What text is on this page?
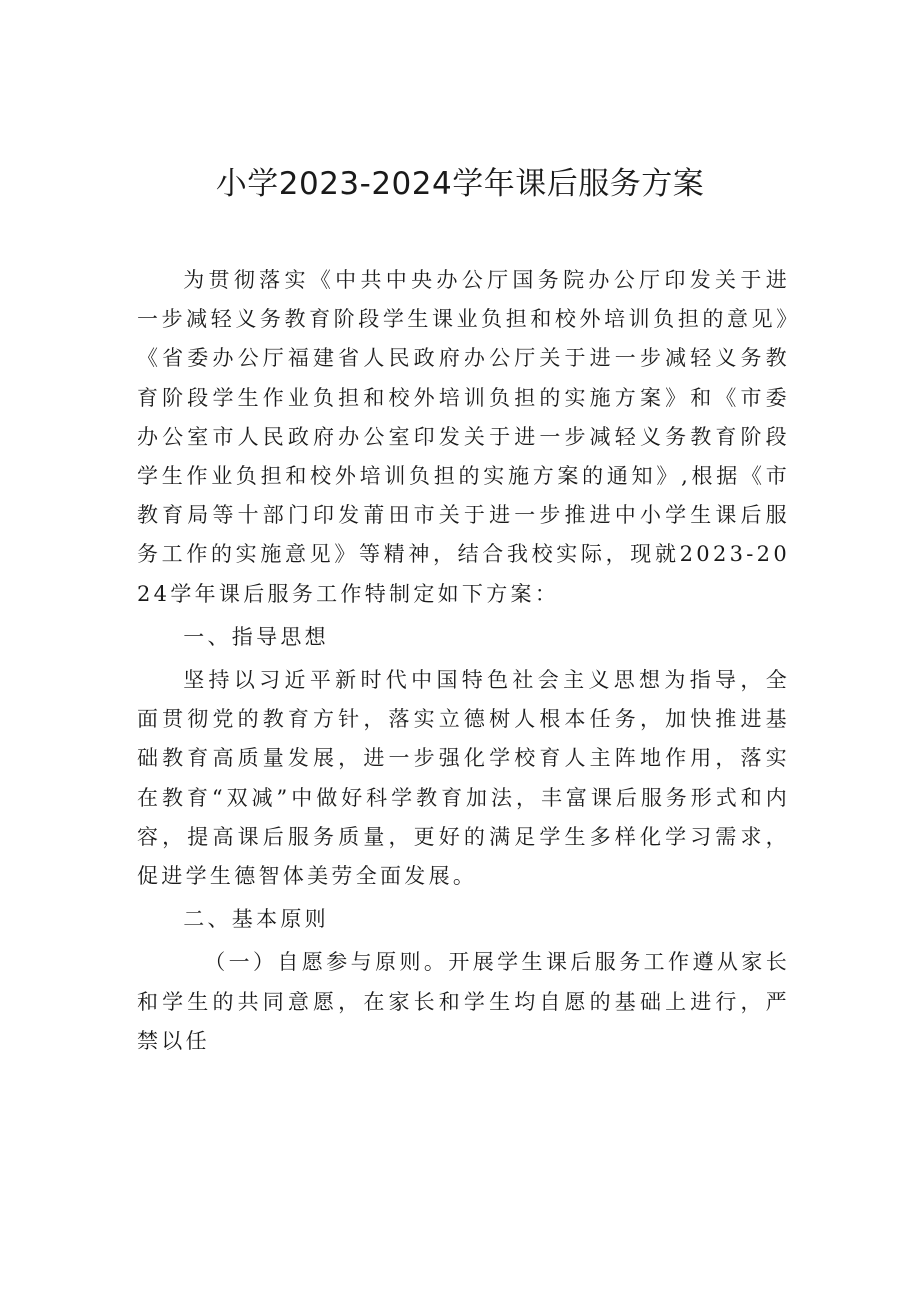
小学2023-2024学年课后服务方案

为贯彻落实《中共中央办公厅国务院办公厅印发关于进一步减轻义务教育阶段学生课业负担和校外培训负担的意见》《省委办公厅福建省人民政府办公厅关于进一步减轻义务教育阶段学生作业负担和校外培训负担的实施方案》和《市委办公室市人民政府办公室印发关于进一步减轻义务教育阶段学生作业负担和校外培训负担的实施方案的通知》,根据《市教育局等十部门印发莆田市关于进一步推进中小学生课后服务工作的实施意见》等精神，结合我校实际，现就2023-2024学年课后服务工作特制定如下方案：

一、指导思想

坚持以习近平新时代中国特色社会主义思想为指导，全面贯彻党的教育方针，落实立德树人根本任务，加快推进基础教育高质量发展，进一步强化学校育人主阵地作用，落实在教育“双减”中做好科学教育加法，丰富课后服务形式和内容，提高课后服务质量，更好的满足学生多样化学习需求，促进学生德智体美劳全面发展。

二、基本原则

（一）自愿参与原则。开展学生课后服务工作遵从家长和学生的共同意愿，在家长和学生均自愿的基础上进行，严禁以任
